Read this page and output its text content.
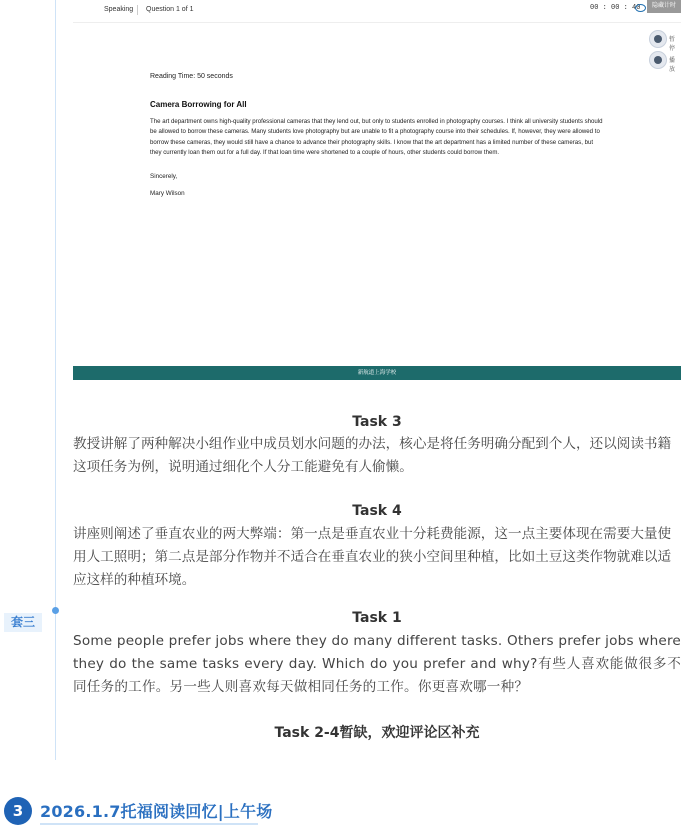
套三
Speaking Question 1 of 1	00 : 00 : 40	隐藏计时
暂停
播放
Reading Time: 50 seconds
Camera Borrowing for All
The art department owns high-quality professional cameras that they lend out, but only to students enrolled in photography courses. I think all university students should be allowed to borrow these cameras. Many students love photography but are unable to fit a photography course into their schedules. If, however, they were allowed to borrow these cameras, they would still have a chance to advance their photography skills. I know that the art department has a limited number of these cameras, but they currently loan them out for a full day. If that loan time were shortened to a couple of hours, other students could borrow them.
Sincerely,
Mary Wilson
新航道上海学校
Task 3
教授讲解了两种解决小组作业中成员划水问题的办法，核心是将任务明确分配到个人，还以阅读书籍这项任务为例，说明通过细化个人分工能避免有人偷懒。
Task 4
讲座则阐述了垂直农业的两大弊端：第一点是垂直农业十分耗费能源，这一点主要体现在需要大量使用人工照明；第二点是部分作物并不适合在垂直农业的狭小空间里种植，比如土豆这类作物就难以适应这样的种植环境。
Task 1
Some people prefer jobs where they do many different tasks. Others prefer jobs where they do the same tasks every day. Which do you prefer and why?有些人喜欢能做很多不同任务的工作。另一些人则喜欢每天做相同任务的工作。你更喜欢哪一种？
Task 2-4暂缺，欢迎评论区补充
3	2026.1.7托福阅读回忆|上午场
